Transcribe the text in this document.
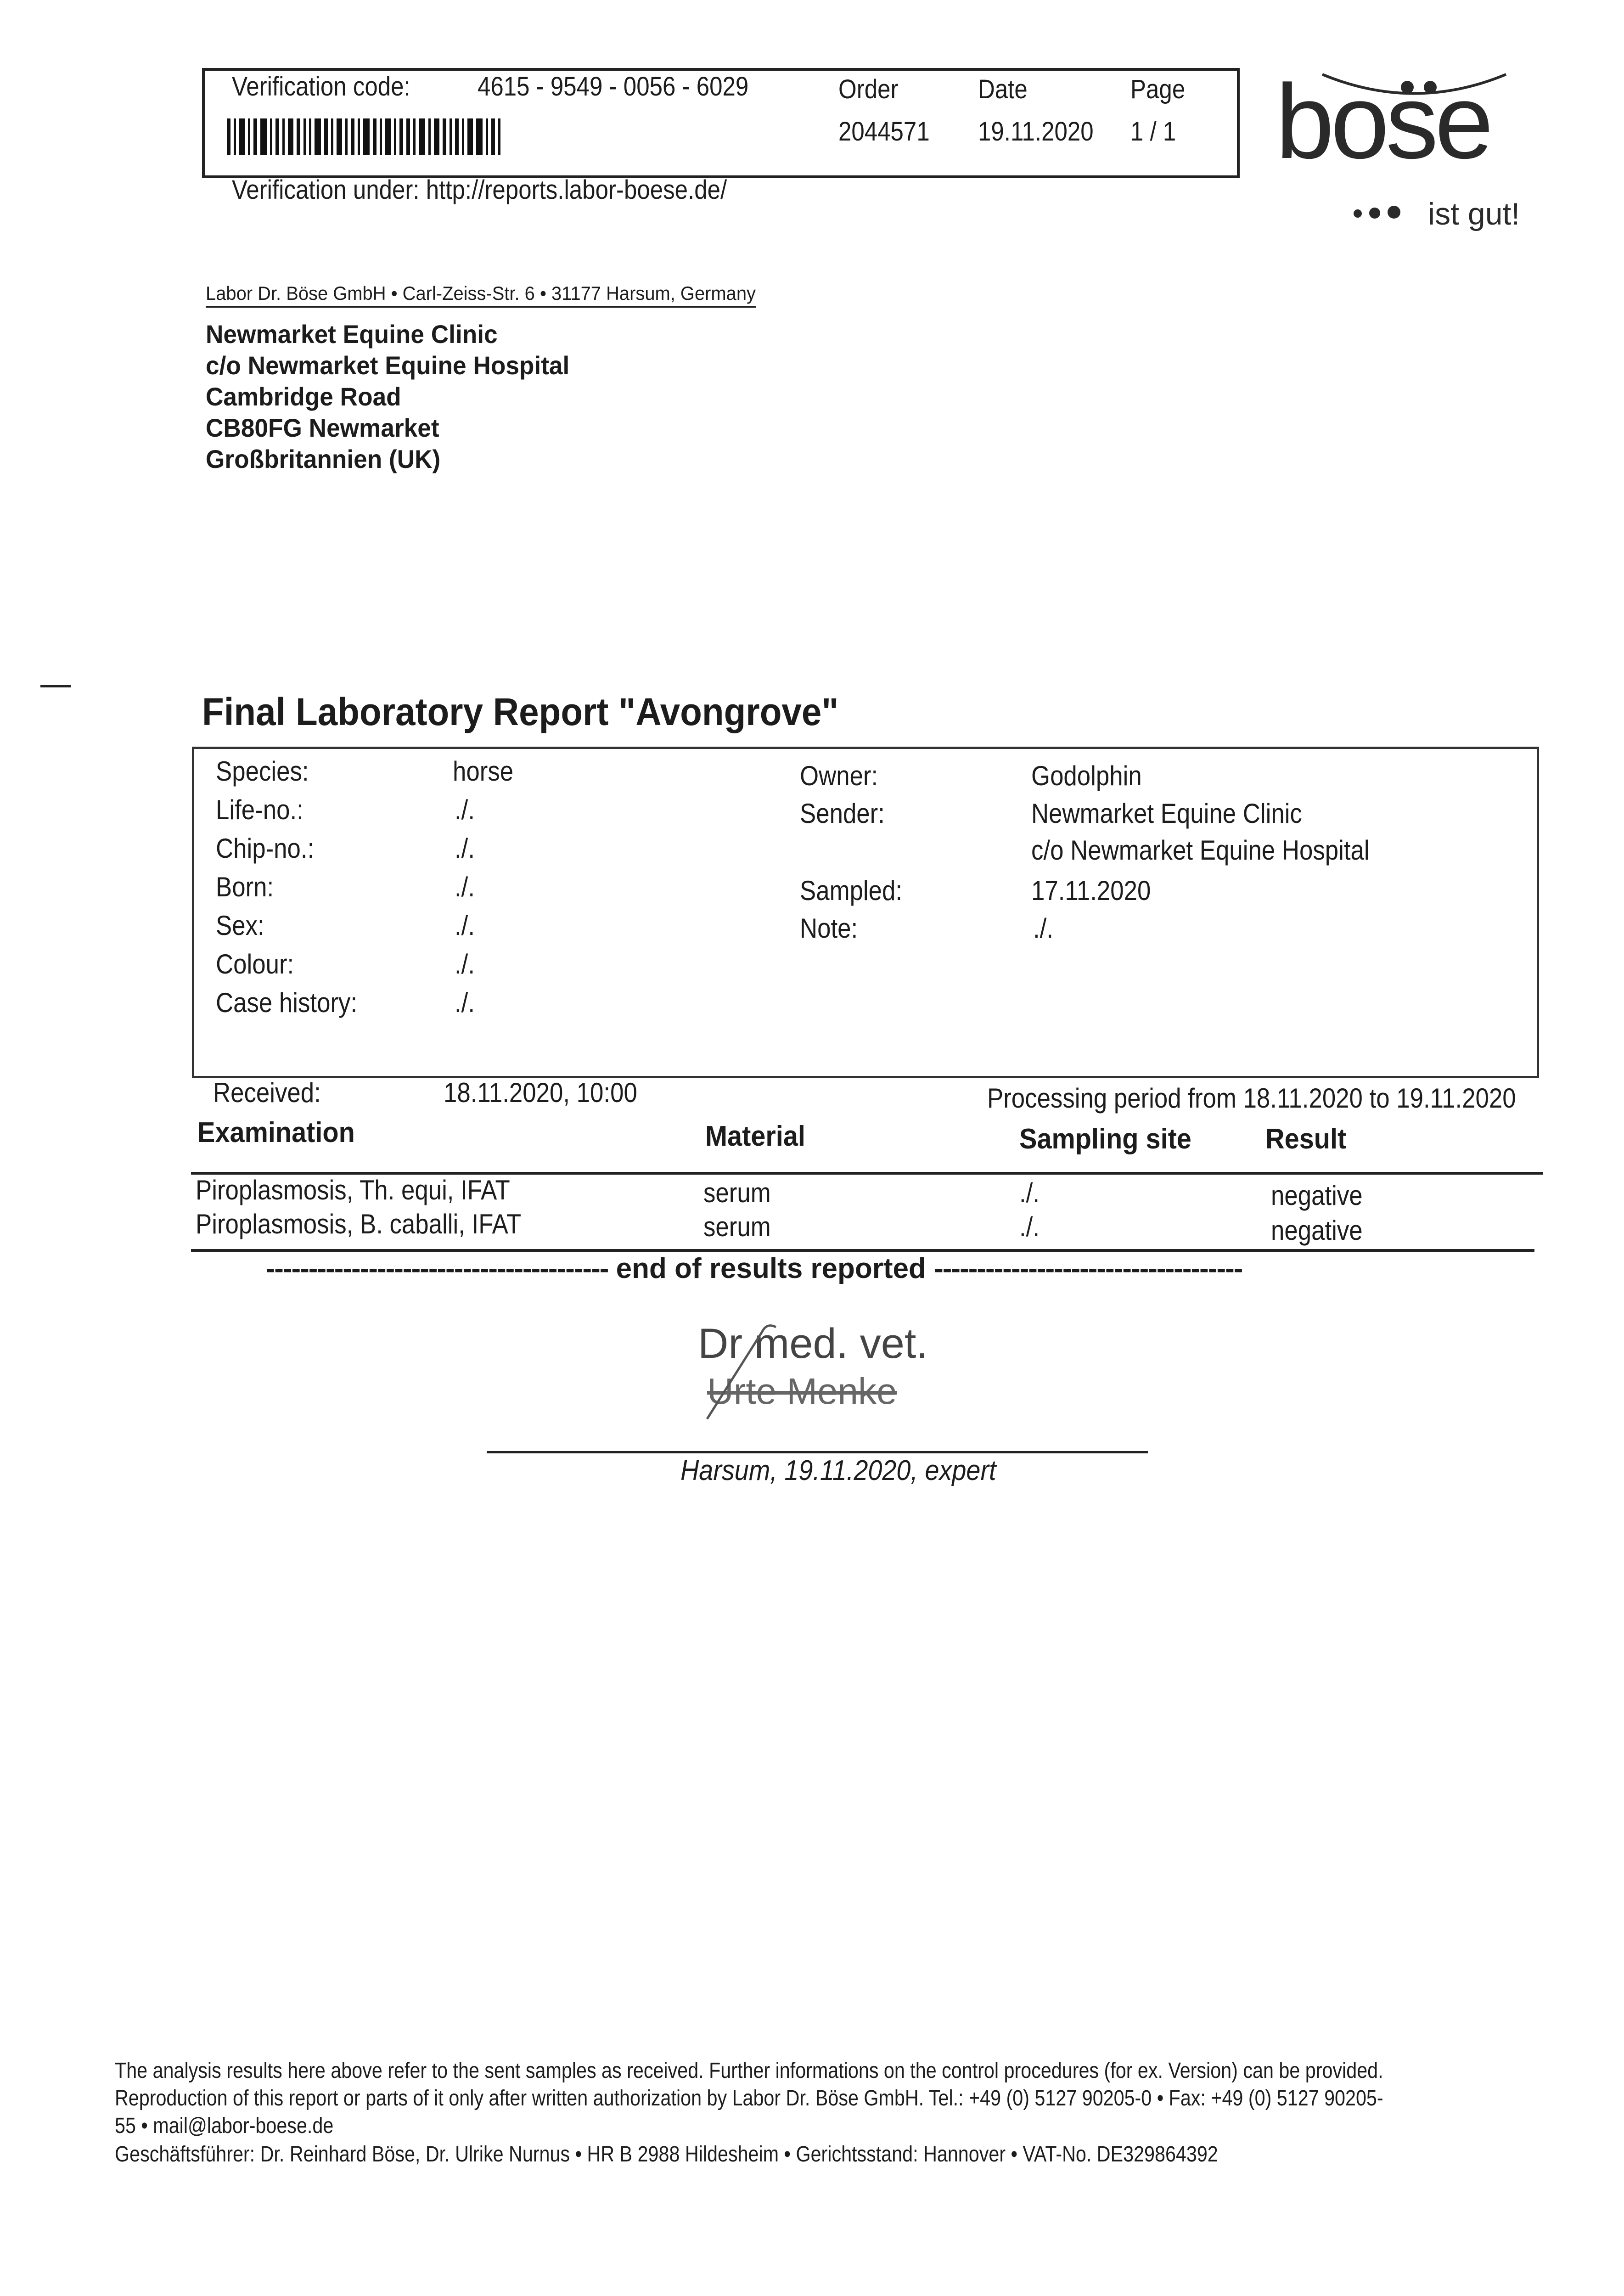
Verification code:	4615 - 9549 - 0056 - 6029	Order	Date	Page
2044571 19.11.2020 1 / 1
Verification under: http://reports.labor-boese.de/
bose
ist gut!
Labor Dr. Böse GmbH • Carl-Zeiss-Str. 6 • 31177 Harsum, Germany
Newmarket Equine Clinic
c/o Newmarket Equine Hospital
Cambridge Road
CB80FG Newmarket
Großbritannien (UK)
Final Laboratory Report "Avongrove"
Species:	horse
Life-no.:	./.
Chip-no.:	./.
Born:	./.
Sex:	./.
Colour:	./.
Case history:	./.
Owner:	Godolphin
Sender:	Newmarket Equine Clinic
c/o Newmarket Equine Hospital
Sampled:	17.11.2020
Note:	./.
Received:	18.11.2020, 10:00	Processing period from 18.11.2020 to 19.11.2020
Examination	Material	Sampling site	Result
Piroplasmosis, Th. equi, IFAT	serum	./.	negative
Piroplasmosis, B. caballi, IFAT	serum	./.	negative
---------------------------------------- end of results reported ------------------------------------
Dr med. vet.
Urte Menke
Harsum, 19.11.2020, expert
The analysis results here above refer to the sent samples as received. Further informations on the control procedures (for ex. Version) can be provided.
Reproduction of this report or parts of it only after written authorization by Labor Dr. Böse GmbH. Tel.: +49 (0) 5127 90205-0 • Fax: +49 (0) 5127 90205-
55 • mail@labor-boese.de
Geschäftsführer: Dr. Reinhard Böse, Dr. Ulrike Nurnus • HR B 2988 Hildesheim • Gerichtsstand: Hannover • VAT-No. DE329864392
